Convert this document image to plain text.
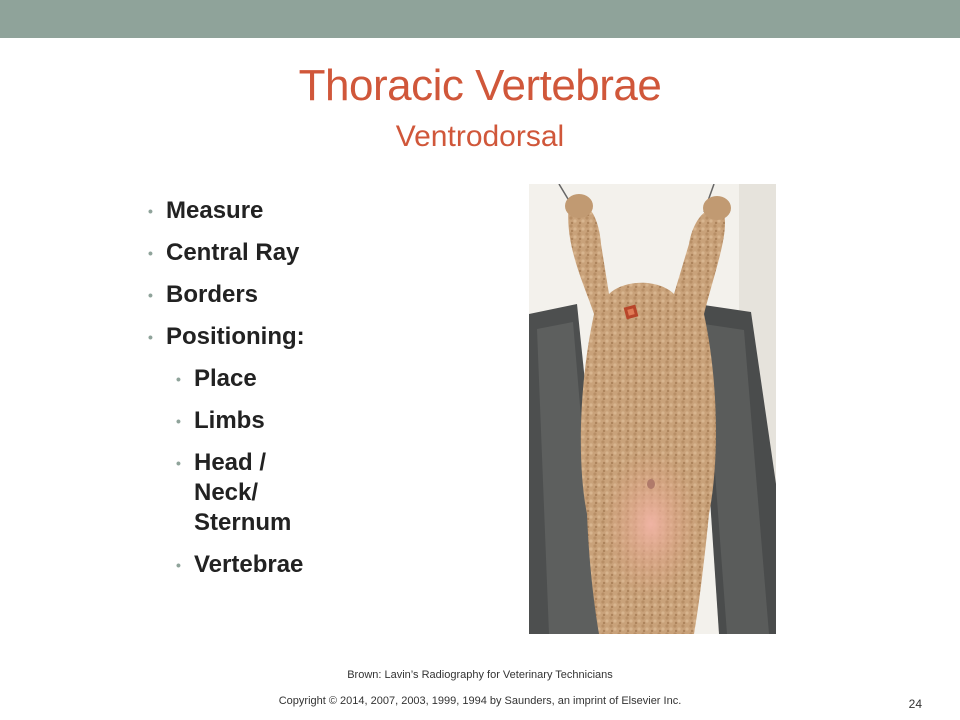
Thoracic Vertebrae
Ventrodorsal
• Measure
• Central Ray
• Borders
• Positioning:
• Place
• Limbs
• Head / Neck/ Sternum
• Vertebrae
Brown: Lavin’s Radiography for Veterinary Technicians
Copyright © 2014, 2007, 2003, 1999, 1994 by Saunders, an imprint of Elsevier Inc.	24
